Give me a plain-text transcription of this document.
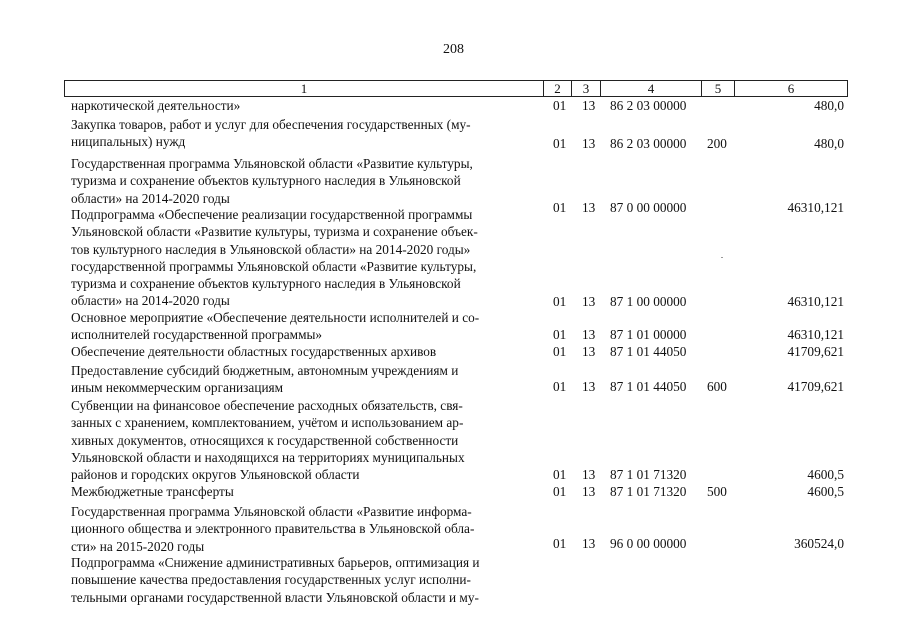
208
1	2	3	4	5	6
наркотической деятельности»	01 13 86 2 03 00000	480,0
Закупка товаров, работ и услуг для обеспечения государственных (му-
ниципальных) нужд	01 13 86 2 03 00000 200	480,0
Государственная программа Ульяновской области «Развитие культуры,
туризма и сохранение объектов культурного наследия в Ульяновской
области» на 2014-2020 годы
01 13 87 0 00 00000	46310,121
Подпрограмма «Обеспечение реализации государственной программы
Ульяновской области «Развитие культуры, туризма и сохранение объек-
тов культурного наследия в Ульяновской области» на 2014-2020 годы»
государственной программы Ульяновской области «Развитие культуры,
туризма и сохранение объектов культурного наследия в Ульяновской
области» на 2014-2020 годы	01 13 87 1 00 00000	46310,121
Основное мероприятие «Обеспечение деятельности исполнителей и со-
исполнителей государственной программы»	01 13 87 1 01 00000	46310,121
Обеспечение деятельности областных государственных архивов	01 13 87 1 01 44050	41709,621
Предоставление субсидий бюджетным, автономным учреждениям и
иным некоммерческим организациям	01 13 87 1 01 44050 600	41709,621
Субвенции на финансовое обеспечение расходных обязательств, свя-
занных с хранением, комплектованием, учётом и использованием ар-
хивных документов, относящихся к государственной собственности
Ульяновской области и находящихся на территориях муниципальных
районов и городских округов Ульяновской области	01 13 87 1 01 71320	4600,5
Межбюджетные трансферты	01 13 87 1 01 71320 500	4600,5
Государственная программа Ульяновской области «Развитие информа-
ционного общества и электронного правительства в Ульяновской обла-
сти» на 2015-2020 годы	01 13 96 0 00 00000	360524,0
Подпрограмма «Снижение административных барьеров, оптимизация и
повышение качества предоставления государственных услуг исполни-
тельными органами государственной власти Ульяновской области и му-
